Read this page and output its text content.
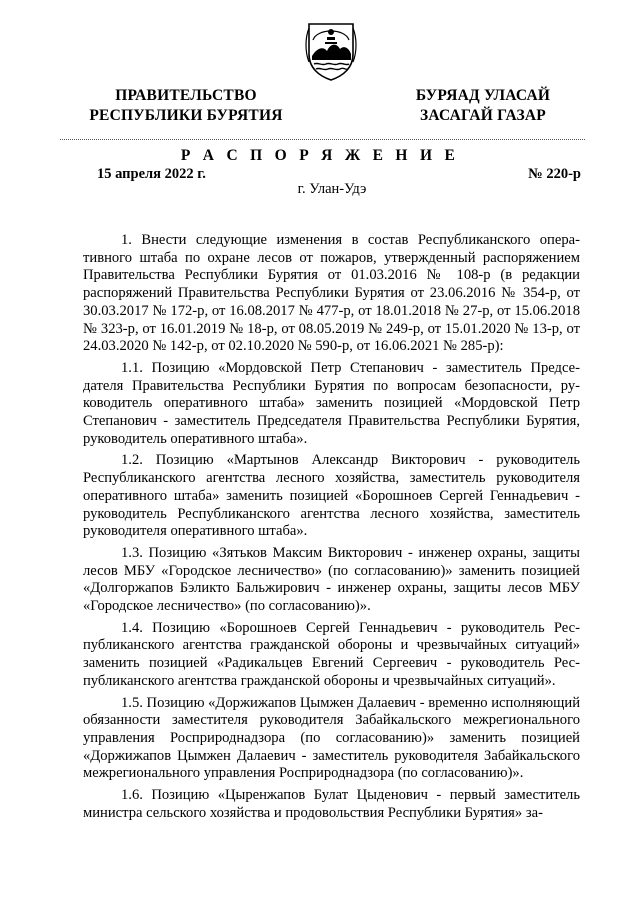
ПРАВИТЕЛЬСТВО
РЕСПУБЛИКИ БУРЯТИЯ
БУРЯАД УЛАСАЙ
ЗАСАГАЙ ГАЗАР
Р А С П О Р Я Ж Е Н И Е
15 апреля 2022 г.	№ 220-р
г. Улан-Удэ

1. Внести следующие изменения в состав Республиканского оперативного штаба по охране лесов от пожаров, утвержденный распоряжением Правительства Республики Бурятия от 01.03.2016 № 108-р (в редакции распоряжений Правительства Республики Бурятия от 23.06.2016 № 354-р, от 30.03.2017 № 172-р, от 16.08.2017 № 477-р, от 18.01.2018 № 27-р, от 15.06.2018 № 323-р, от 16.01.2019 № 18-р, от 08.05.2019 № 249-р, от 15.01.2020 № 13-р, от 24.03.2020 № 142-р, от 02.10.2020 № 590-р, от 16.06.2021 № 285-р):

1.1. Позицию «Мордовской Петр Степанович - заместитель Председателя Правительства Республики Бурятия по вопросам безопасности, руководитель оперативного штаба» заменить позицией «Мордовской Петр Степанович - заместитель Председателя Правительства Республики Бурятия, руководитель оперативного штаба».

1.2. Позицию «Мартынов Александр Викторович - руководитель Республиканского агентства лесного хозяйства, заместитель руководителя оперативного штаба» заменить позицией «Борошноев Сергей Геннадьевич - руководитель Республиканского агентства лесного хозяйства, заместитель руководителя оперативного штаба».

1.3. Позицию «Зятьков Максим Викторович - инженер охраны, защиты лесов МБУ «Городское лесничество» (по согласованию)» заменить позицией «Долгоржапов Бэликто Бальжирович - инженер охраны, защиты лесов МБУ «Городское лесничество» (по согласованию)».

1.4. Позицию «Борошноев Сергей Геннадьевич - руководитель Республиканского агентства гражданской обороны и чрезвычайных ситуаций» заменить позицией «Радикальцев Евгений Сергеевич - руководитель Республиканского агентства гражданской обороны и чрезвычайных ситуаций».

1.5. Позицию «Доржижапов Цымжен Далаевич - временно исполняющий обязанности заместителя руководителя Забайкальского межрегионального управления Росприроднадзора (по согласованию)» заменить позицией «Доржижапов Цымжен Далаевич - заместитель руководителя Забайкальского межрегионального управления Росприроднадзора (по согласованию)».

1.6. Позицию «Цыренжапов Булат Цыденович - первый заместитель министра сельского хозяйства и продовольствия Республики Бурятия» за-
